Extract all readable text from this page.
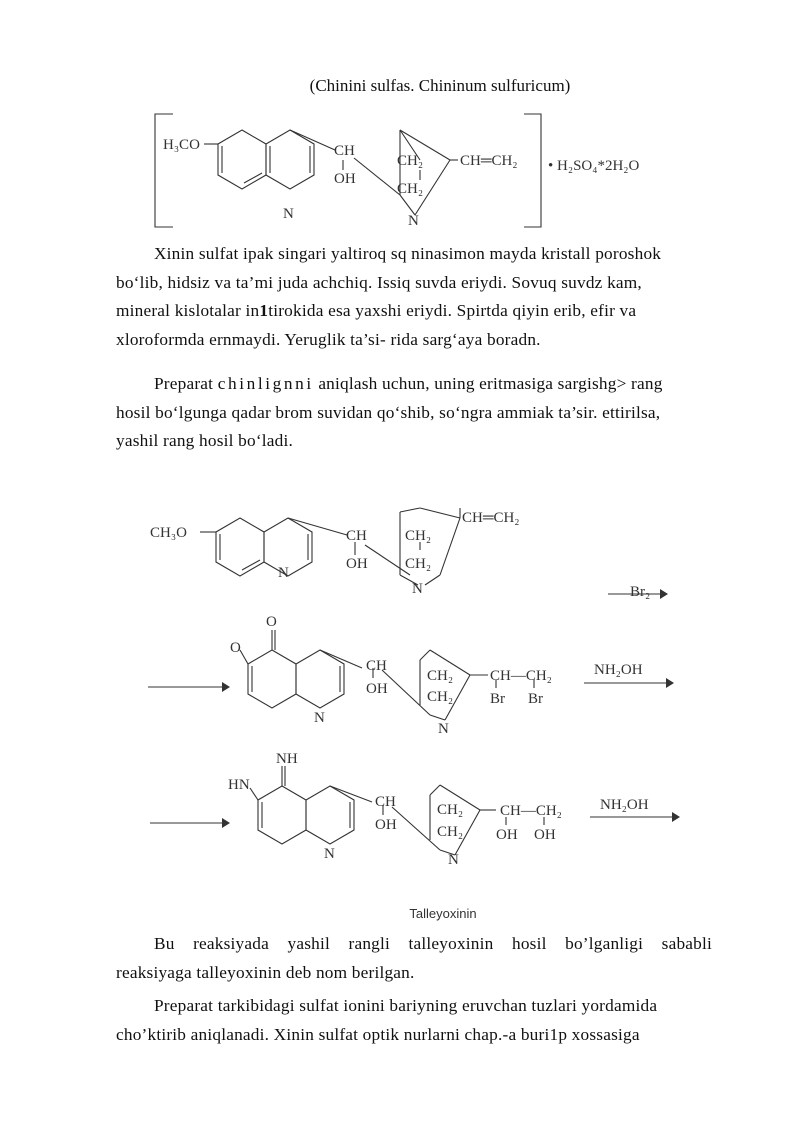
(Chinini sulfas. Chininum sulfuricum)
H₃CO	CH
OH
CH₂
CH₂
N	N
CH═CH₂ • H₂SO₄*2H₂O
Xinin sulfat ipak singari yaltiroq sq ninasimon mayda kristall poroshok
bo‘lib, hidsiz va ta’mi juda achchiq. Issiq suvda eriydi. Sovuq suvdz kam,
mineral kislotalar in1tirokida esa yaxshi eriydi. Spirtda qiyin erib, efir va
xloroformda ernmaydi. Yeruglik ta’si- rida sarg‘aya boradn.
Preparat chinlignni aniqlash uchun, uning eritmasiga sargishg> rang
hosil bo‘lgunga qadar brom suvidan qo‘shib, so‘ngra ammiak ta’sir. ettirilsa,
yashil rang hosil bo‘ladi.
CH₃O	CH
OH
CH₂
CH₂
N
N
CH═CH₂
Br₂
O
O
CH
OH
CH₂
CH₂
N
N
CH—CH₂
Br Br
NH₂OH
NH
HN
CH
OH
CH₂
CH₂
N	N
CH—CH₂
OH OH
NH₂OH
Talleyoxinin
Bu reaksiyada yashil rangli talleyoxinin hosil bo’lganligi sababli
reaksiyaga talleyoxinin deb nom berilgan.
Preparat tarkibidagi sulfat ionini bariyning eruvchan tuzlari yordamida
cho’ktirib aniqlanadi. Xinin sulfat optik nurlarni chap.-a buri1p xossasiga
